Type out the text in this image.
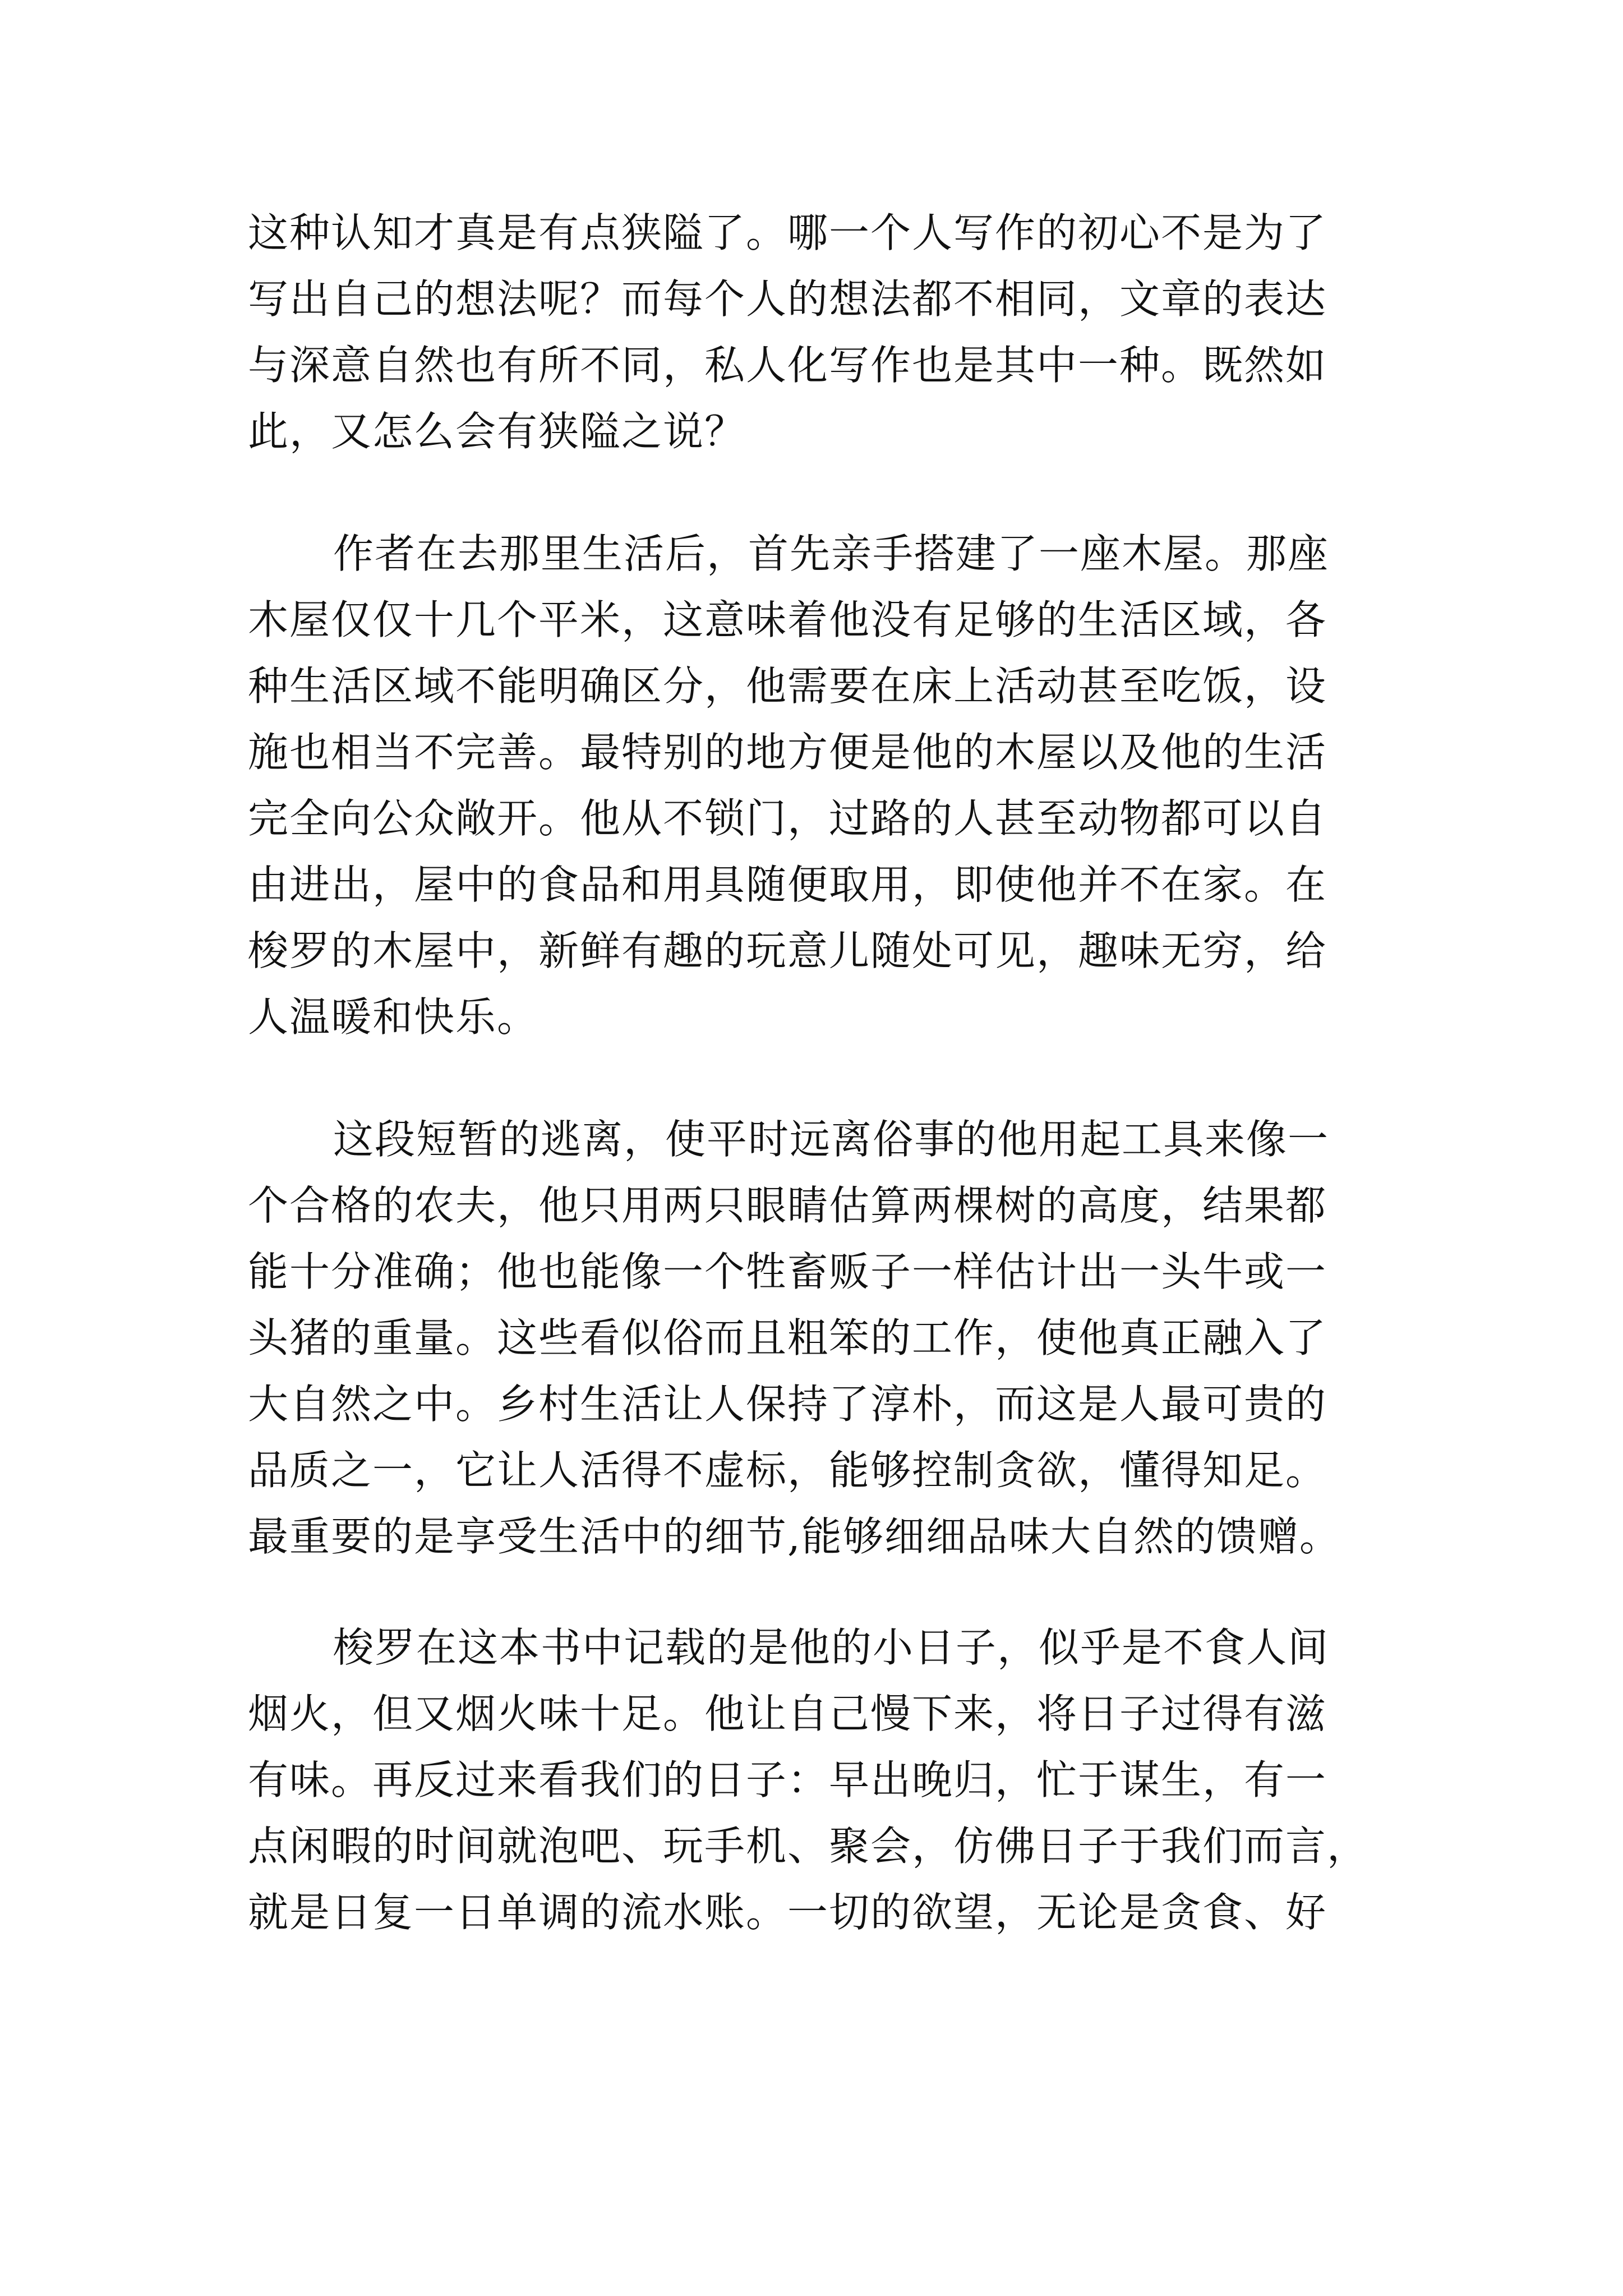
这种认知才真是有点狭隘了。哪一个人写作的初心不是为了
写出自己的想法呢？而每个人的想法都不相同，文章的表达
与深意自然也有所不同，私人化写作也是其中一种。既然如
此，又怎么会有狭隘之说？
作者在去那里生活后，首先亲手搭建了一座木屋。那座
木屋仅仅十几个平米，这意味着他没有足够的生活区域，各
种生活区域不能明确区分，他需要在床上活动甚至吃饭，设
施也相当不完善。最特别的地方便是他的木屋以及他的生活
完全向公众敞开。他从不锁门，过路的人甚至动物都可以自
由进出，屋中的食品和用具随便取用，即使他并不在家。在
梭罗的木屋中，新鲜有趣的玩意儿随处可见，趣味无穷，给
人温暖和快乐。
这段短暂的逃离，使平时远离俗事的他用起工具来像一
个合格的农夫，他只用两只眼睛估算两棵树的高度，结果都
能十分准确；他也能像一个牲畜贩子一样估计出一头牛或一
头猪的重量。这些看似俗而且粗笨的工作，使他真正融入了
大自然之中。乡村生活让人保持了淳朴，而这是人最可贵的
品质之一，它让人活得不虚标，能够控制贪欲，懂得知足。
最重要的是享受生活中的细节,能够细细品味大自然的馈赠。
梭罗在这本书中记载的是他的小日子，似乎是不食人间
烟火，但又烟火味十足。他让自己慢下来，将日子过得有滋
有味。再反过来看我们的日子：早出晚归，忙于谋生，有一
点闲暇的时间就泡吧、玩手机、聚会，仿佛日子于我们而言，
就是日复一日单调的流水账。一切的欲望，无论是贪食、好
